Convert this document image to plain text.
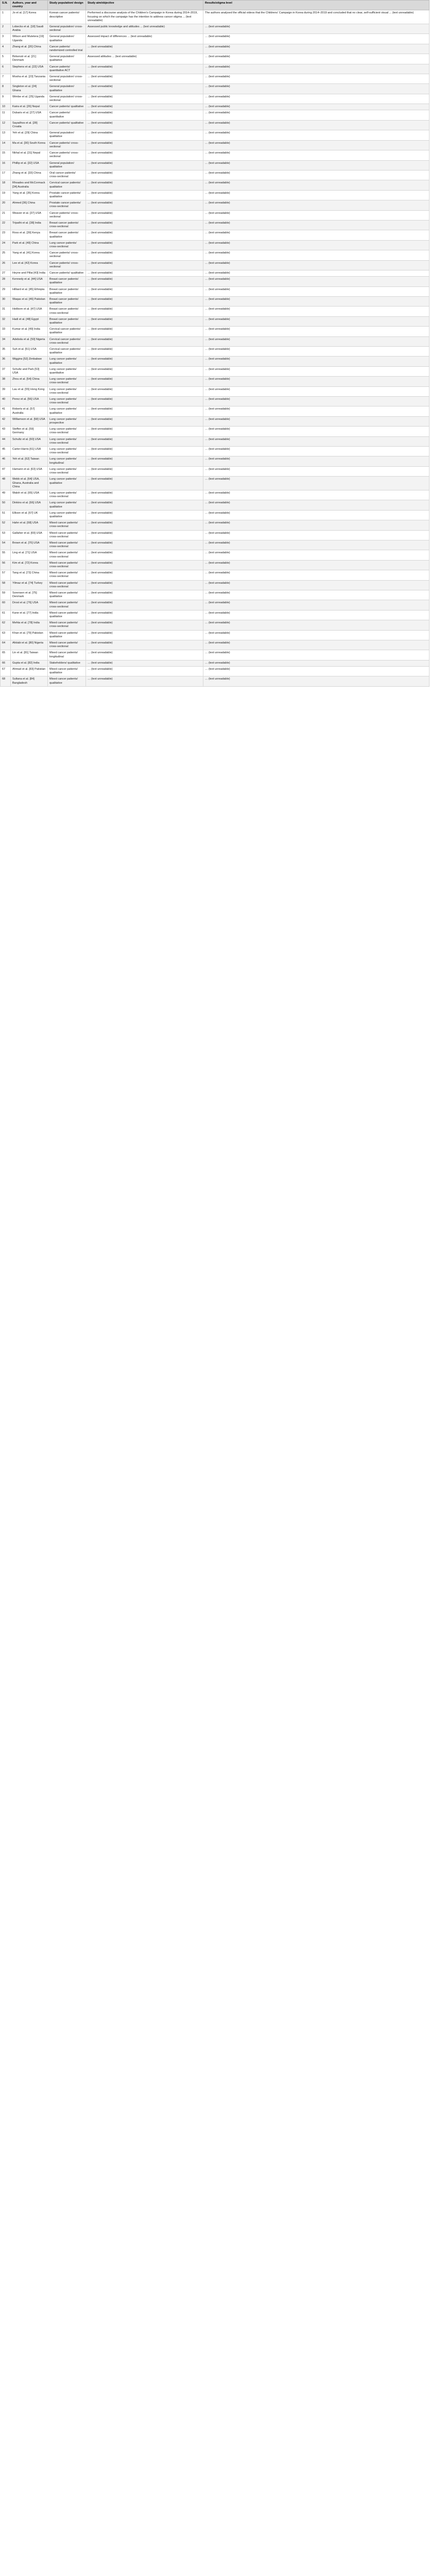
S.N.	Authors, year and country	Study population/ design	Study aim/objective	Results/stigma level
1	Jo et al. [17] Korea	Korean cancer patients/ descriptive	Performed a discourse analysis of the Children's Campaign in Korea during 2014–2019, focusing on which the campaign has the intention to address cancer stigma ... (text unreadable)	The authors analysed the official videos that the Childrens' Campaign in Korea during 2014–2019 and concluded that no clear, self-sufficient visual ... (text unreadable)
2	Lobecks et al. [18] Saudi Arabia	General population/ cross-sectional	Assessed public knowledge and attitudes ... (text unreadable)	… (text unreadable)
3	Wilson and Mutetera [19] Uganda	General population/ qualitative	Assessed impact of differences ... (text unreadable)	… (text unreadable)
4	Zhang et al. [20] China	Cancer patients/ randomized controlled trial	… (text unreadable)	… (text unreadable)
5	Birkenstr et al. [21] Denmark	General population/ qualitative	Assessed attitudes ... (text unreadable)	… (text unreadable)
6	Stephens et al. [22] USA	Cancer patients/ quantitative ACT	… (text unreadable)	… (text unreadable)
7	Mosha et al. [23] Tanzania	General population/ cross-sectional	… (text unreadable)	… (text unreadable)
8	Singleton et al. [24] Ghana	General population/ qualitative	… (text unreadable)	… (text unreadable)
9	Wimbe et al. [25] Uganda	General population/ cross-sectional	… (text unreadable)	… (text unreadable)
10	Kaira et al. [26] Nepal	Cancer patients/ qualitative	… (text unreadable)	… (text unreadable)
11	Dubaris et al. [27] USA	Cancer patients/ quantitative	… (text unreadable)	… (text unreadable)
12	Sayadhos et al. [28] Croatia	Cancer patients/ qualitative	… (text unreadable)	… (text unreadable)
13	Yeh et al. [29] China	General population/ qualitative	… (text unreadable)	… (text unreadable)
14	Ma et al. [30] South Korea	Cancer patients/ cross-sectional	… (text unreadable)	… (text unreadable)
15	Nkhal et al. [31] Nepal	Cancer patients/ cross-sectional	… (text unreadable)	… (text unreadable)
16	Phillip et al. [32] USA	General population/ qualitative	… (text unreadable)	… (text unreadable)
17	Zhang et al. [33] China	Oral cancer patients/ cross-sectional	… (text unreadable)	… (text unreadable)
18	Rhoades and McCormack [34] Australia	Cervical cancer patients/ qualitative	… (text unreadable)	… (text unreadable)
19	Yang et al. [35] Korea	Prostate cancer patients/ qualitative	… (text unreadable)	… (text unreadable)
20	Ahmed [36] China	Prostate cancer patients/ cross-sectional	… (text unreadable)	… (text unreadable)
21	Weaver et al. [37] USA	Cancer patients/ cross-sectional	… (text unreadable)	… (text unreadable)
22	Tripathi et al. [38] India	Breast cancer patients/ cross-sectional	… (text unreadable)	… (text unreadable)
23	Ross et al. [39] Kenya	Breast cancer patients/ qualitative	… (text unreadable)	… (text unreadable)
24	Park et al. [40] China	Lung cancer patients/ cross-sectional	… (text unreadable)	… (text unreadable)
25	Yang et al. [41] Korea	Cancer patients/ cross-sectional	… (text unreadable)	… (text unreadable)
26	Lee et al. [42] Korea	Cancer patients/ cross-sectional	… (text unreadable)	… (text unreadable)
27	Heyne and Pillai [43] India	Cancer patients/ qualitative	… (text unreadable)	… (text unreadable)
28	Kennedy et al. [44] USA	Breast cancer patients/ qualitative	… (text unreadable)	… (text unreadable)
29	Hilliard et al. [45] Ethiopia	Breast cancer patients/ qualitative	… (text unreadable)	… (text unreadable)
30	Waqas et al. [46] Pakistan	Breast cancer patients/ qualitative	… (text unreadable)	… (text unreadable)
31	Heilborn et al. [47] USA	Breast cancer patients/ cross-sectional	… (text unreadable)	… (text unreadable)
32	Hadi et al. [48] Egypt	Breast cancer patients/ qualitative	… (text unreadable)	… (text unreadable)
33	Kumar et al. [49] India	Cervical cancer patients/ qualitative	… (text unreadable)	… (text unreadable)
34	Adebola et al. [50] Nigeria	Cervical cancer patients/ cross-sectional	… (text unreadable)	… (text unreadable)
35	Suh et al. [51] USA	Cervical cancer patients/ qualitative	… (text unreadable)	… (text unreadable)
36	Wiggins [52] Zimbabwe	Lung cancer patients/ qualitative	… (text unreadable)	… (text unreadable)
37	Schultz and Park [53] USA	Lung cancer patients/ quantitative	… (text unreadable)	… (text unreadable)
38	Zhou et al. [54] China	Lung cancer patients/ cross-sectional	… (text unreadable)	… (text unreadable)
39	Lau et al. [55] Hong Kong	Lung cancer patients/ cross-sectional	… (text unreadable)	… (text unreadable)
40	Perez et al. [56] USA	Lung cancer patients/ cross-sectional	… (text unreadable)	… (text unreadable)
41	Roberts et al. [57] Australia	Lung cancer patients/ qualitative	… (text unreadable)	… (text unreadable)
42	Williamson et al. [58] USA	Lung cancer patients/ prospective	… (text unreadable)	… (text unreadable)
43	Steffen et al. [59] Germany	Lung cancer patients/ cross-sectional	… (text unreadable)	… (text unreadable)
44	Schultz et al. [60] USA	Lung cancer patients/ cross-sectional	… (text unreadable)	… (text unreadable)
45	Carter-Harris [61] USA	Lung cancer patients/ cross-sectional	… (text unreadable)	… (text unreadable)
46	Yeh et al. [62] Taiwan	Lung cancer patients/ longitudinal	… (text unreadable)	… (text unreadable)
47	Hamann et al. [63] USA	Lung cancer patients/ cross-sectional	… (text unreadable)	… (text unreadable)
48	Webb et al. [64] USA, Ghana, Australia and China	Lung cancer patients/ qualitative	… (text unreadable)	… (text unreadable)
49	Walsh et al. [65] USA	Lung cancer patients/ cross-sectional	… (text unreadable)	… (text unreadable)
50	Dinkins et al. [66] USA	Lung cancer patients/ qualitative	… (text unreadable)	… (text unreadable)
51	Ellison et al. [67] UK	Lung cancer patients/ qualitative	… (text unreadable)	… (text unreadable)
52	Hahn et al. [68] USA	Mixed cancer patients/ cross-sectional	… (text unreadable)	… (text unreadable)
53	Gallaher et al. [69] USA	Mixed cancer patients/ cross-sectional	… (text unreadable)	… (text unreadable)
54	Brown et al. [70] USA	Mixed cancer patients/ cross-sectional	… (text unreadable)	… (text unreadable)
55	Ling et al. [71] USA	Mixed cancer patients/ cross-sectional	… (text unreadable)	… (text unreadable)
56	Kim et al. [72] Korea	Mixed cancer patients/ cross-sectional	… (text unreadable)	… (text unreadable)
57	Tang et al. [73] China	Mixed cancer patients/ cross-sectional	… (text unreadable)	… (text unreadable)
58	Yilmaz et al. [74] Turkey	Mixed cancer patients/ cross-sectional	… (text unreadable)	… (text unreadable)
59	Sorensen et al. [75] Denmark	Mixed cancer patients/ qualitative	… (text unreadable)	… (text unreadable)
60	Drost et al. [76] USA	Mixed cancer patients/ cross-sectional	… (text unreadable)	… (text unreadable)
61	Kane et al. [77] India	Mixed cancer patients/ qualitative	… (text unreadable)	… (text unreadable)
62	Mehta et al. [78] India	Mixed cancer patients/ cross-sectional	… (text unreadable)	… (text unreadable)
63	Khan et al. [79] Pakistan	Mixed cancer patients/ qualitative	… (text unreadable)	… (text unreadable)
64	Afolabi et al. [80] Nigeria	Mixed cancer patients/ cross-sectional	… (text unreadable)	… (text unreadable)
65	Lin et al. [81] Taiwan	Mixed cancer patients/ longitudinal	… (text unreadable)	… (text unreadable)
66	Gupta et al. [82] India	Stakeholders/ qualitative	… (text unreadable)	… (text unreadable)
67	Ahmad et al. [83] Pakistan	Mixed cancer patients/ qualitative	… (text unreadable)	… (text unreadable)
68	Sultana et al. [84] Bangladesh	Mixed cancer patients/ qualitative	… (text unreadable)	… (text unreadable)
